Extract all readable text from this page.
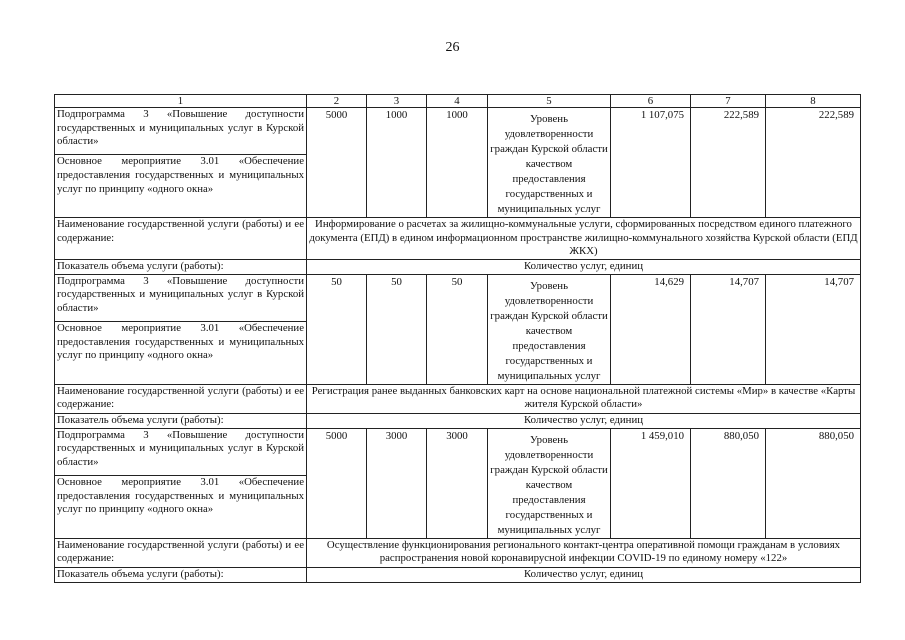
26
1	2	3	4	5	6	7	8
Подпрограмма 3 «Повышение доступности государственных и муниципальных услуг в Курской области»	5000	1000	1000	Уровень удовлетворенности граждан Курской области качеством предоставления государственных и муниципальных услуг	1 107,075	222,589	222,589
Основное мероприятие 3.01 «Обеспечение предоставления государственных и муниципальных услуг по принципу «одного окна»							
Наименование государственной услуги (работы) и ее содержание:	Информирование о расчетах за жилищно-коммунальные услуги, сформированных посредством единого платежного документа (ЕПД) в едином информационном пространстве жилищно-коммунального хозяйства Курской области (ЕПД ЖКХ)						
Показатель объема услуги (работы):	Количество услуг, единиц						
Подпрограмма 3 «Повышение доступности государственных и муниципальных услуг в Курской области»	50	50	50	Уровень удовлетворенности граждан Курской области качеством предоставления государственных и муниципальных услуг	14,629	14,707	14,707
Основное мероприятие 3.01 «Обеспечение предоставления государственных и муниципальных услуг по принципу «одного окна»							
Наименование государственной услуги (работы) и ее содержание:	Регистрация ранее выданных банковских карт на основе национальной платежной системы «Мир» в качестве «Карты жителя Курской области»						
Показатель объема услуги (работы):	Количество услуг, единиц						
Подпрограмма 3 «Повышение доступности государственных и муниципальных услуг в Курской области»	5000	3000	3000	Уровень удовлетворенности граждан Курской области качеством предоставления государственных и муниципальных услуг	1 459,010	880,050	880,050
Основное мероприятие 3.01 «Обеспечение предоставления государственных и муниципальных услуг по принципу «одного окна»							
Наименование государственной услуги (работы) и ее содержание:	Осуществление функционирования регионального контакт-центра оперативной помощи гражданам в условиях распространения новой коронавирусной инфекции COVID-19 по единому номеру «122»						
Показатель объема услуги (работы):	Количество услуг, единиц						
